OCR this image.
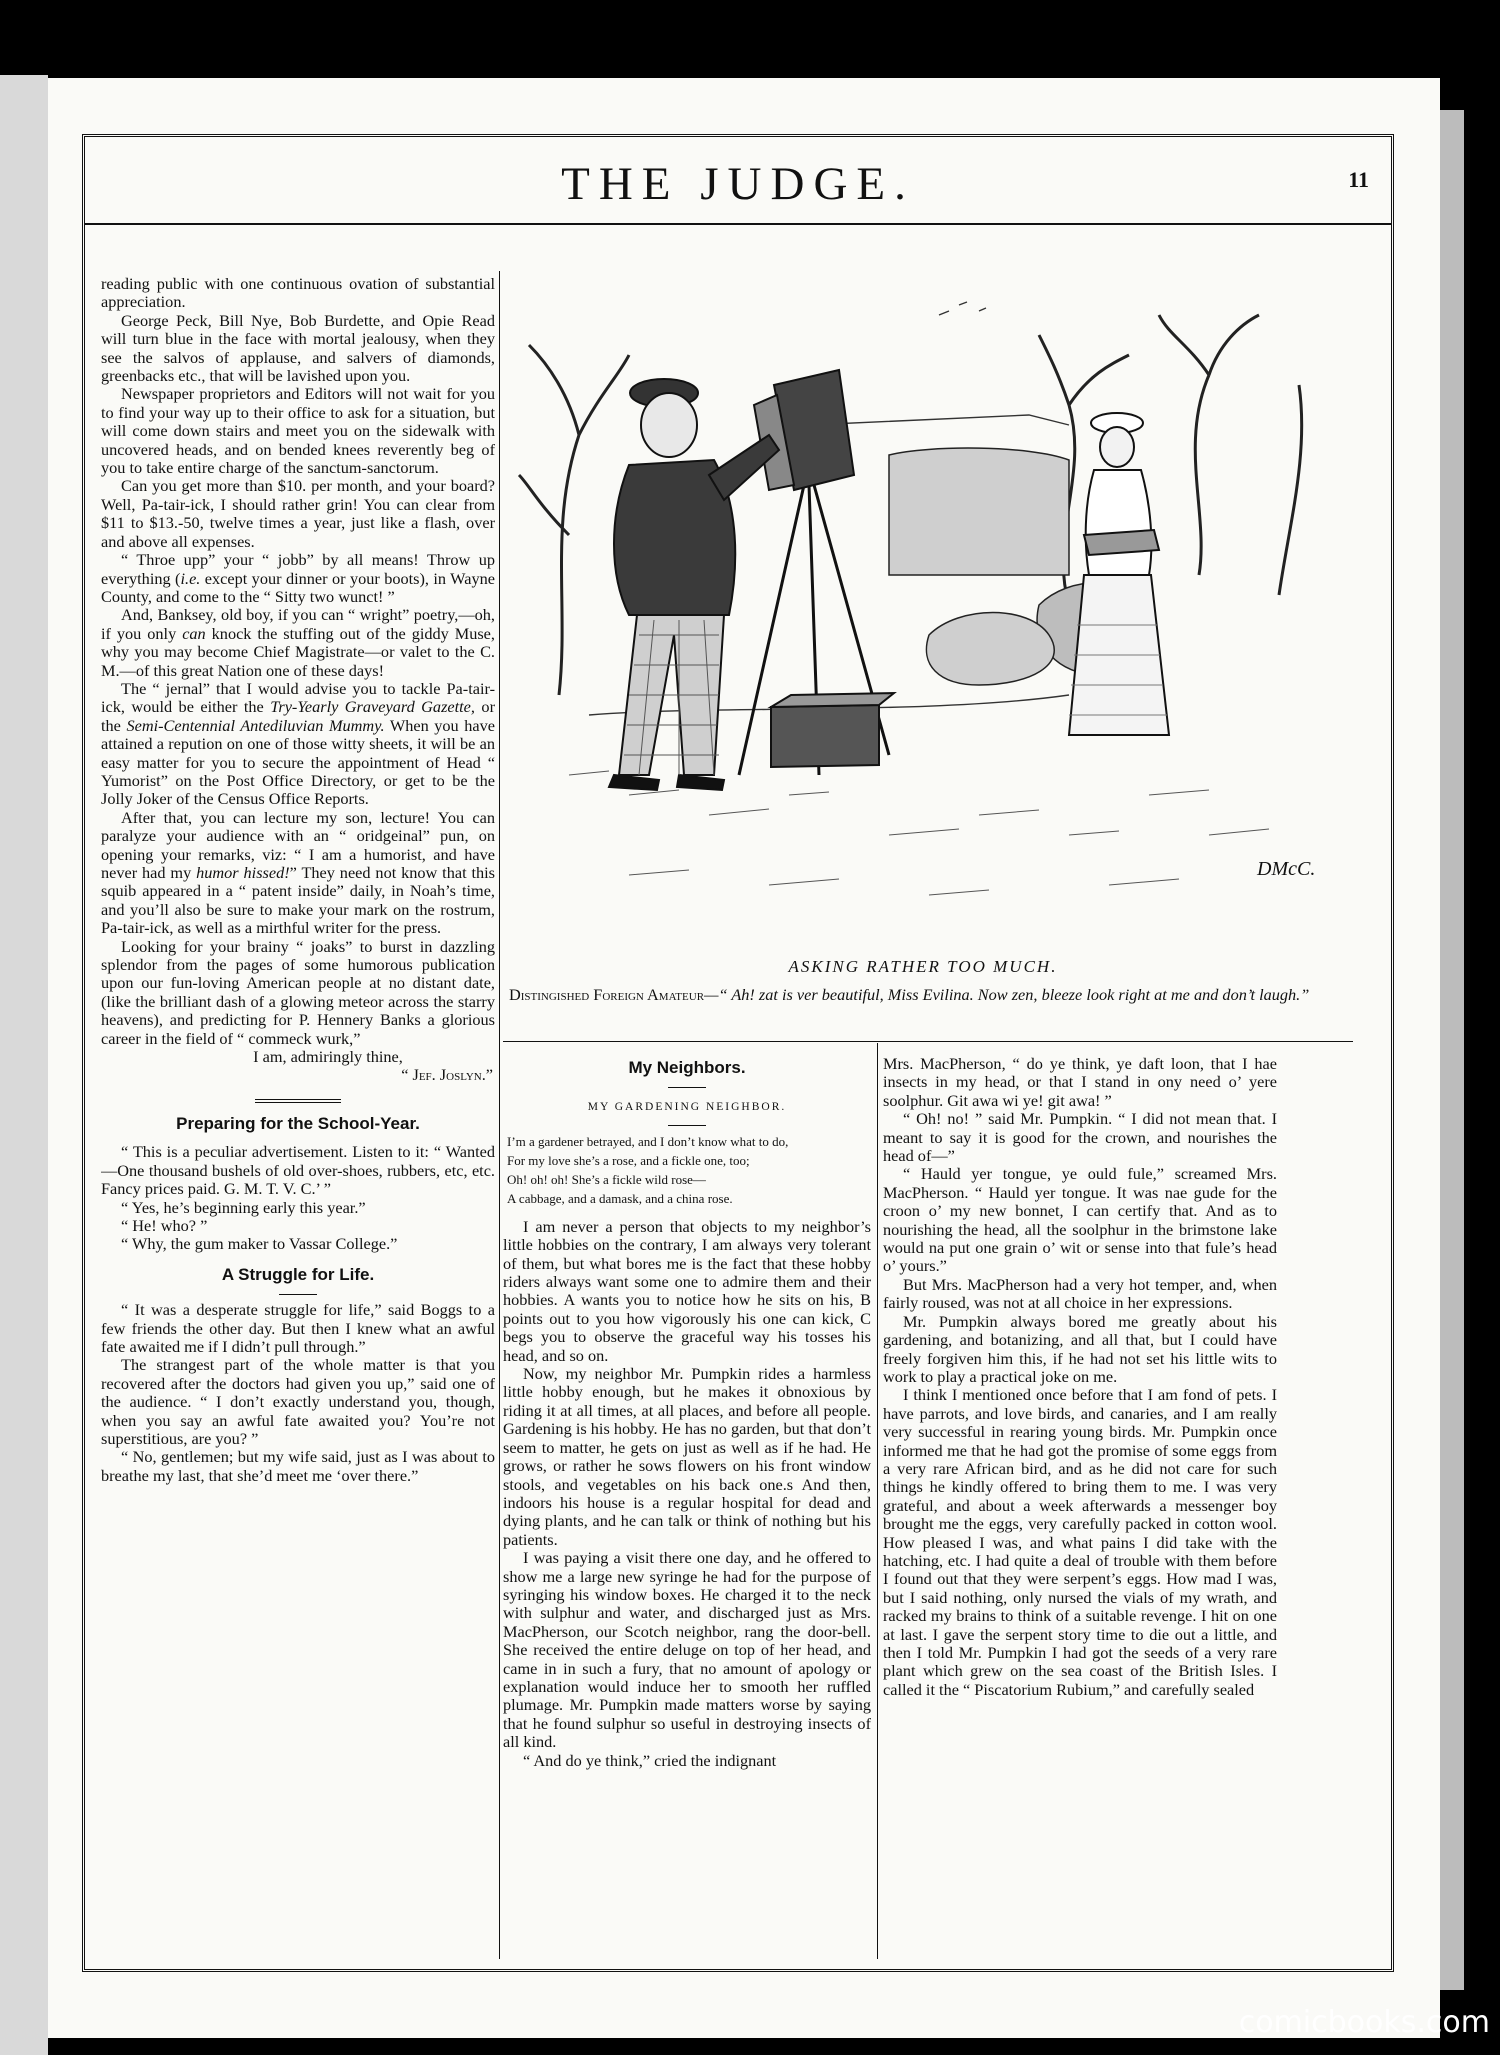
THE JUDGE.	11

reading public with one continuous ovation of substantial appreciation.

George Peck, Bill Nye, Bob Burdette, and Opie Read will turn blue in the face with mortal jealousy, when they see the salvos of applause, and salvers of diamonds, greenbacks etc., that will be lavished upon you.

Newspaper proprietors and Editors will not wait for you to find your way up to their office to ask for a situation, but will come down stairs and meet you on the sidewalk with uncovered heads, and on bended knees reverently beg of you to take entire charge of the sanctum-sanctorum.

Can you get more than $10. per month, and your board? Well, Pa-tair-ick, I should rather grin! You can clear from $11 to $13.-50, twelve times a year, just like a flash, over and above all expenses.

“ Throe upp” your “ jobb” by all means! Throw up everything (i.e. except your dinner or your boots), in Wayne County, and come to the “ Sitty two wunct! ”

And, Banksey, old boy, if you can “ wright” poetry,—oh, if you only can knock the stuffing out of the giddy Muse, why you may become Chief Magistrate—or valet to the C. M.—of this great Nation one of these days!

The “ jernal” that I would advise you to tackle Pa-tair-ick, would be either the Try-Yearly Graveyard Gazette, or the Semi-Centennial Antediluvian Mummy. When you have attained a repution on one of those witty sheets, it will be an easy matter for you to secure the appointment of Head “ Yumorist” on the Post Office Directory, or get to be the Jolly Joker of the Census Office Reports.

After that, you can lecture my son, lecture! You can paralyze your audience with an “ oridgeinal” pun, on opening your remarks, viz: “ I am a humorist, and have never had my humor hissed!” They need not know that this squib appeared in a “ patent inside” daily, in Noah’s time, and you’ll also be sure to make your mark on the rostrum, Pa-tair-ick, as well as a mirthful writer for the press.

Looking for your brainy “ joaks” to burst in dazzling splendor from the pages of some humorous publication upon our fun-loving American people at no distant date, (like the brilliant dash of a glowing meteor across the starry heavens), and predicting for P. Hennery Banks a glorious career in the field of “ commeck wurk,”

I am, admiringly thine,

“ Jef. Joslyn.”

Preparing for the School-Year.

“ This is a peculiar advertisement. Listen to it: “ Wanted—One thousand bushels of old over-shoes, rubbers, etc, etc. Fancy prices paid. G. M. T. V. C.’ ”

“ Yes, he’s beginning early this year.”

“ He! who? ”

“ Why, the gum maker to Vassar College.”

A Struggle for Life.

“ It was a desperate struggle for life,” said Boggs to a few friends the other day. But then I knew what an awful fate awaited me if I didn’t pull through.”

The strangest part of the whole matter is that you recovered after the doctors had given you up,” said one of the audience. “ I don’t exactly understand you, though, when you say an awful fate awaited you? You’re not superstitious, are you? ”

“ No, gentlemen; but my wife said, just as I was about to breathe my last, that she’d meet me ‘over there.”

DMcC.
ASKING RATHER TOO MUCH.
Distingished Foreign Amateur—“ Ah! zat is ver beautiful, Miss Evilina. Now zen, bleeze look right at me and don’t laugh.”

My Neighbors.

MY GARDENING NEIGHBOR.

I’m a gardener betrayed, and I don’t know what to do,

For my love she’s a rose, and a fickle one, too;

Oh! oh! oh! She’s a fickle wild rose—

A cabbage, and a damask, and a china rose.

I am never a person that objects to my neighbor’s little hobbies on the contrary, I am always very tolerant of them, but what bores me is the fact that these hobby riders always want some one to admire them and their hobbies. A wants you to notice how he sits on his, B points out to you how vigorously his one can kick, C begs you to observe the graceful way his tosses his head, and so on.

Now, my neighbor Mr. Pumpkin rides a harmless little hobby enough, but he makes it obnoxious by riding it at all times, at all places, and before all people. Gardening is his hobby. He has no garden, but that don’t seem to matter, he gets on just as well as if he had. He grows, or rather he sows flowers on his front window stools, and vegetables on his back one.s And then, indoors his house is a regular hospital for dead and dying plants, and he can talk or think of nothing but his patients.

I was paying a visit there one day, and he offered to show me a large new syringe he had for the purpose of syringing his window boxes. He charged it to the neck with sulphur and water, and discharged just as Mrs. MacPherson, our Scotch neighbor, rang the door-bell. She received the entire deluge on top of her head, and came in in such a fury, that no amount of apology or explanation would induce her to smooth her ruffled plumage. Mr. Pumpkin made matters worse by saying that he found sulphur so useful in destroying insects of all kind.

“ And do ye think,” cried the indignant

Mrs. MacPherson, “ do ye think, ye daft loon, that I hae insects in my head, or that I stand in ony need o’ yere soolphur. Git awa wi ye! git awa! ”

“ Oh! no! ” said Mr. Pumpkin. “ I did not mean that. I meant to say it is good for the crown, and nourishes the head of—”

“ Hauld yer tongue, ye ould fule,” screamed Mrs. MacPherson. “ Hauld yer tongue. It was nae gude for the croon o’ my new bonnet, I can certify that. And as to nourishing the head, all the soolphur in the brimstone lake would na put one grain o’ wit or sense into that fule’s head o’ yours.”

But Mrs. MacPherson had a very hot temper, and, when fairly roused, was not at all choice in her expressions.

Mr. Pumpkin always bored me greatly about his gardening, and botanizing, and all that, but I could have freely forgiven him this, if he had not set his little wits to work to play a practical joke on me.

I think I mentioned once before that I am fond of pets. I have parrots, and love birds, and canaries, and I am really very successful in rearing young birds. Mr. Pumpkin once informed me that he had got the promise of some eggs from a very rare African bird, and as he did not care for such things he kindly offered to bring them to me. I was very grateful, and about a week afterwards a messenger boy brought me the eggs, very carefully packed in cotton wool. How pleased I was, and what pains I did take with the hatching, etc. I had quite a deal of trouble with them before I found out that they were serpent’s eggs. How mad I was, but I said nothing, only nursed the vials of my wrath, and racked my brains to think of a suitable revenge. I hit on one at last. I gave the serpent story time to die out a little, and then I told Mr. Pumpkin I had got the seeds of a very rare plant which grew on the sea coast of the British Isles. I called it the “ Piscatorium Rubium,” and carefully sealed

comicbooks.com
